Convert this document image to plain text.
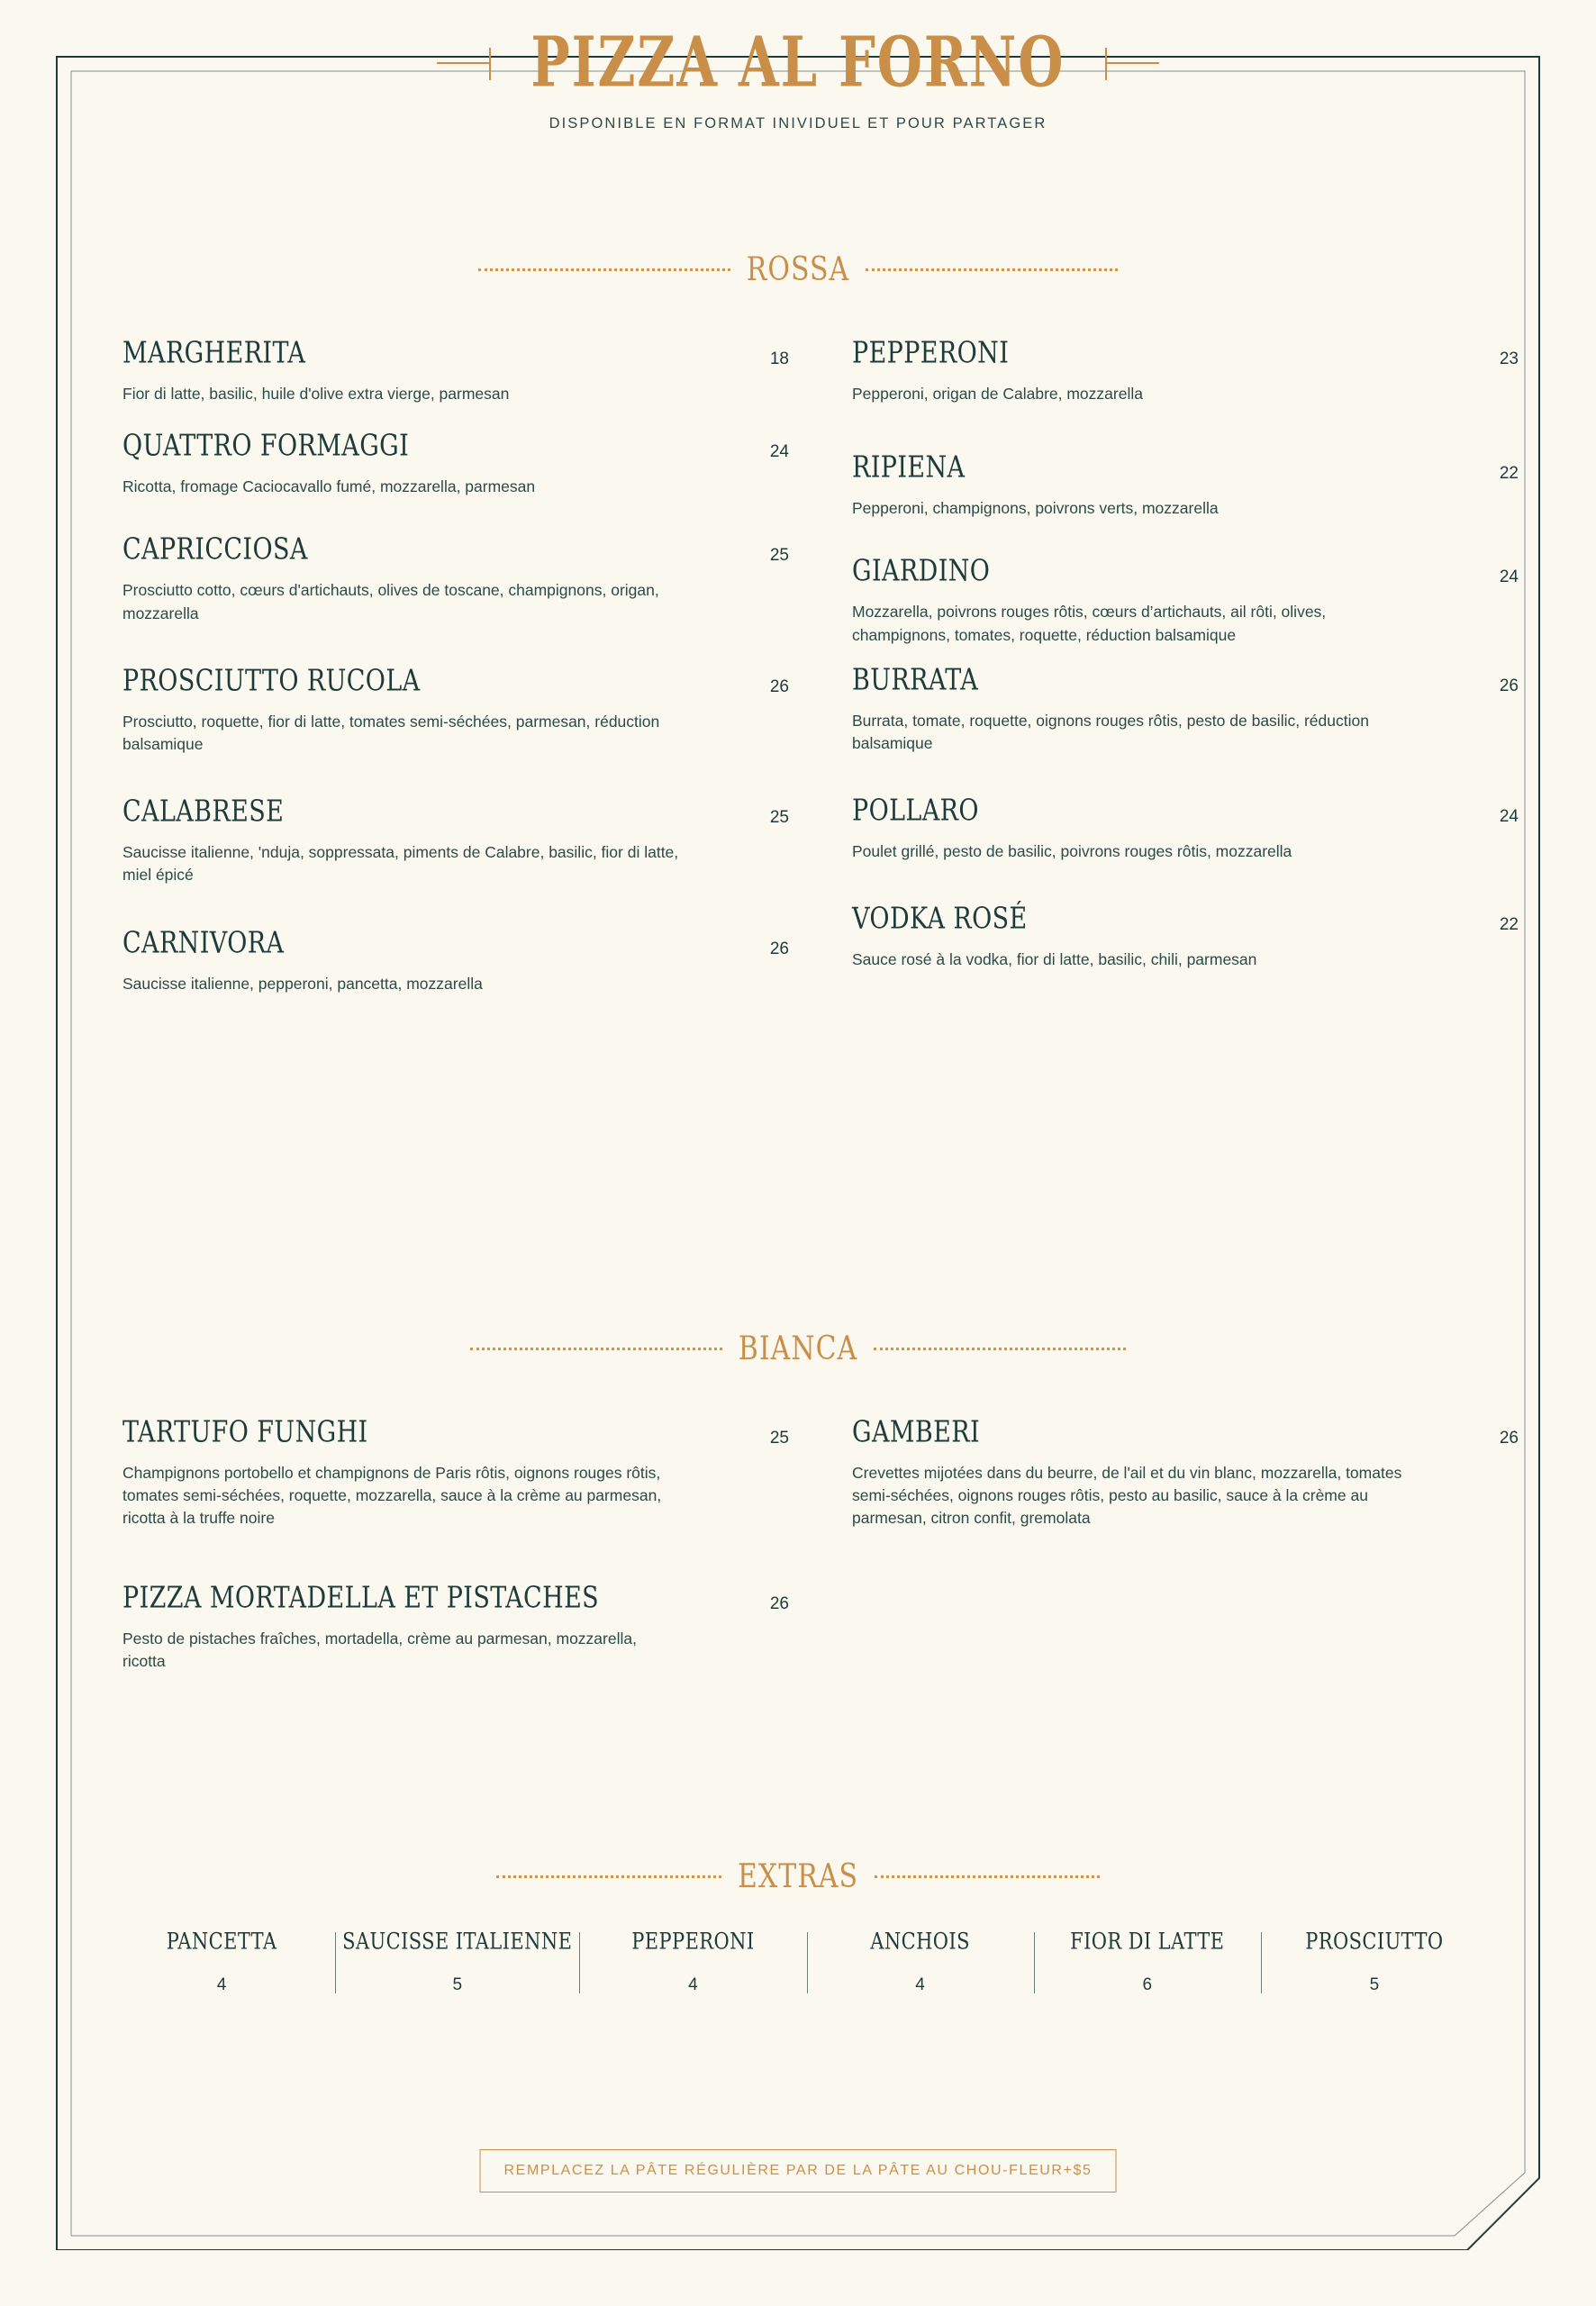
PIZZA AL FORNO
DISPONIBLE EN FORMAT INIVIDUEL ET POUR PARTAGER
ROSSA

MARGHERITA	18
Fior di latte, basilic, huile d'olive extra vierge, parmesan
QUATTRO FORMAGGI	24
Ricotta, fromage Caciocavallo fumé, mozzarella, parmesan
CAPRICCIOSA	25
Prosciutto cotto, cœurs d'artichauts, olives de toscane, champignons, origan, mozzarella
PROSCIUTTO RUCOLA	26
Prosciutto, roquette, fior di latte, tomates semi-séchées, parmesan, réduction balsamique
CALABRESE	25
Saucisse italienne, 'nduja, soppressata, piments de Calabre, basilic, fior di latte, miel épicé
CARNIVORA	26
Saucisse italienne, pepperoni, pancetta, mozzarella
PEPPERONI	23
Pepperoni, origan de Calabre, mozzarella
RIPIENA	22
Pepperoni, champignons, poivrons verts, mozzarella
GIARDINO	24
Mozzarella, poivrons rouges rôtis, cœurs d’artichauts, ail rôti, olives, champignons, tomates, roquette, réduction balsamique
BURRATA	26
Burrata, tomate, roquette, oignons rouges rôtis, pesto de basilic, réduction balsamique
POLLARO	24
Poulet grillé, pesto de basilic, poivrons rouges rôtis, mozzarella
VODKA ROSÉ	22
Sauce rosé à la vodka, fior di latte, basilic, chili, parmesan
BIANCA

TARTUFO FUNGHI	25
Champignons portobello et champignons de Paris rôtis, oignons rouges rôtis, tomates semi-séchées, roquette, mozzarella, sauce à la crème au parmesan, ricotta à la truffe noire
PIZZA MORTADELLA ET PISTACHES	26
Pesto de pistaches fraîches, mortadella, crème au parmesan, mozzarella, ricotta
GAMBERI	26
Crevettes mijotées dans du beurre, de l'ail et du vin blanc, mozzarella, tomates semi-séchées, oignons rouges rôtis, pesto au basilic, sauce à la crème au parmesan, citron confit, gremolata
EXTRAS

PANCETTA
4
SAUCISSE ITALIENNE
5
PEPPERONI
4
ANCHOIS
4
FIOR DI LATTE
6
PROSCIUTTO
5
REMPLACEZ LA PÂTE RÉGULIÈRE PAR DE LA PÂTE AU CHOU-FLEUR+$5
